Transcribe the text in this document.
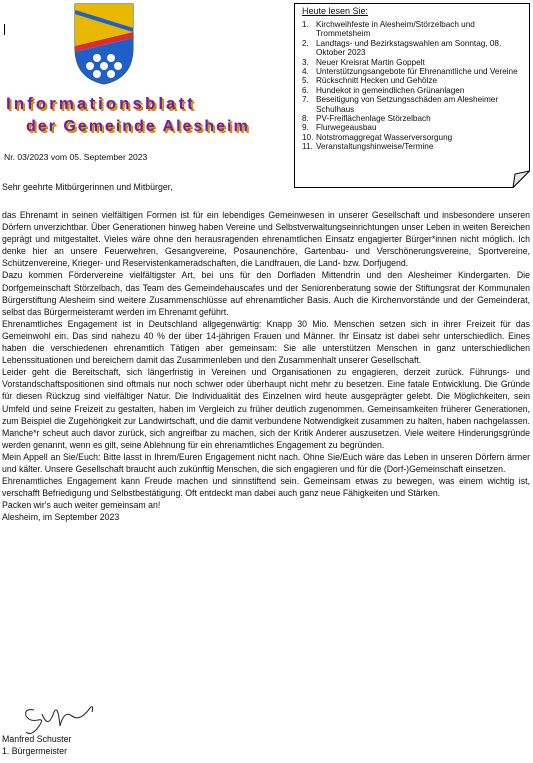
Informationsblatt
der Gemeinde Alesheim
Nr. 03/2023 vom 05. September 2023
Heute lesen Sie:
1. Kirchweihfeste in Alesheim/Störzelbach und Trommetsheim
2. Landtags- und Bezirkstagswahlen am Sonntag, 08. Oktober 2023
3. Neuer Kreisrat Martin Goppelt
4. Unterstützungsangebote für Ehrenamtliche und Vereine
5. Rückschnitt Hecken und Gehölze
6. Hundekot in gemeindlichen Grünanlagen
7. Beseitigung von Setzungsschäden am Alesheimer Schulhaus
8. PV-Freiflächenlage Störzelbach
9. Flurwegeausbau
10. Notstromaggregat Wasserversorgung
11. Veranstaltungshinweise/Termine
Sehr geehrte Mitbürgerinnen und Mitbürger,

das Ehrenamt in seinen vielfältigen Formen ist für ein lebendiges Gemeinwesen in unserer Gesellschaft und insbesondere unseren Dörfern unverzichtbar. Über Generationen hinweg haben Vereine und Selbstverwaltungseinrichtungen unser Leben in weiten Bereichen geprägt und mitgestaltet. Vieles wäre ohne den herausragenden ehrenamtlichen Einsatz engagierter Bürger*innen nicht möglich. Ich denke hier an unsere Feuerwehren, Gesangvereine, Posaunenchöre, Gartenbau- und Verschönerungsvereine, Sportvereine, Schützenvereine, Krieger- und Reservistenkameradschaften, die Landfrauen, die Land- bzw. Dorfjugend.

Dazu kommen Fördervereine vielfältigster Art, bei uns für den Dorfladen Mittendrin und den Alesheimer Kindergarten. Die Dorfgemeinschaft Störzelbach, das Team des Gemeindehauscafes und der Seniorenberatung sowie der Stiftungsrat der Kommunalen Bürgerstiftung Alesheim sind weitere Zusammenschlüsse auf ehrenamtlicher Basis. Auch die Kirchenvorstände und der Gemeinderat, selbst das Bürgermeisteramt werden im Ehrenamt geführt.

Ehrenamtliches Engagement ist in Deutschland allgegenwärtig: Knapp 30 Mio. Menschen setzen sich in ihrer Freizeit für das Gemeinwohl ein. Das sind nahezu 40 % der über 14-jährigen Frauen und Männer. Ihr Einsatz ist dabei sehr unterschiedlich. Eines haben die verschiedenen ehrenamtlich Tätigen aber gemeinsam: Sie alle unterstützen Menschen in ganz unterschiedlichen Lebenssituationen und bereichern damit das Zusammenleben und den Zusammenhalt unserer Gesellschaft.

Leider geht die Bereitschaft, sich längerfristig in Vereinen und Organisationen zu engagieren, derzeit zurück. Führungs- und Vorstandschaftspositionen sind oftmals nur noch schwer oder überhaupt nicht mehr zu besetzen. Eine fatale Entwicklung. Die Gründe für diesen Rückzug sind vielfältiger Natur. Die Individualität des Einzelnen wird heute ausgeprägter gelebt. Die Möglichkeiten, sein Umfeld und seine Freizeit zu gestalten, haben im Vergleich zu früher deutlich zugenommen. Gemeinsamkeiten früherer Generationen, zum Beispiel die Zugehörigkeit zur Landwirtschaft, und die damit verbundene Notwendigkeit zusammen zu halten, haben nachgelassen. Manche*r scheut auch davor zurück, sich angreifbar zu machen, sich der Kritik Anderer auszusetzen. Viele weitere Hinderungsgründe werden genannt, wenn es gilt, seine Ablehnung für ein ehrenamtliches Engagement zu begründen.

Mein Appell an Sie/Euch: Bitte lasst in Ihrem/Euren Engagement nicht nach. Ohne Sie/Euch wäre das Leben in unseren Dörfern ärmer und kälter. Unsere Gesellschaft braucht auch zukünftig Menschen, die sich engagieren und für die (Dorf-)Gemeinschaft einsetzen.

Ehrenamtliches Engagement kann Freude machen und sinnstiftend sein. Gemeinsam etwas zu bewegen, was einem wichtig ist, verschafft Befriedigung und Selbstbestätigung. Oft entdeckt man dabei auch ganz neue Fähigkeiten und Stärken.

Packen wir's auch weiter gemeinsam an!

Alesheim, im September 2023

Manfred Schuster
1. Bürgermeister
